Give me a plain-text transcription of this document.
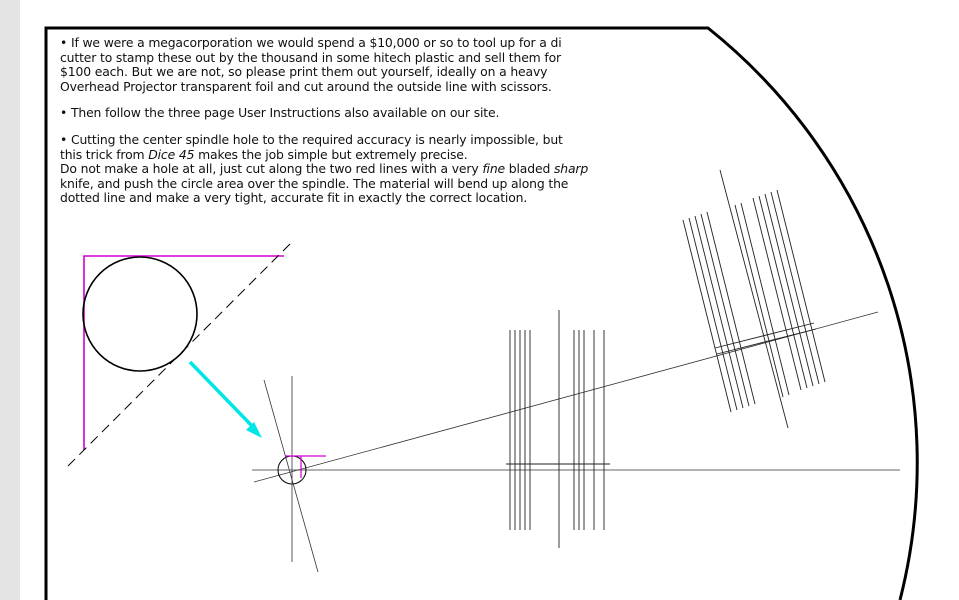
• If we were a megacorporation we would spend a $10,000 or so to tool up for a di
cutter to stamp these out by the thousand in some hitech plastic and sell them for
$100 each. But we are not, so please print them out yourself, ideally on a heavy
Overhead Projector transparent foil and cut around the outside line with scissors.

• Then follow the three page User Instructions also available on our site.

• Cutting the center spindle hole to the required accuracy is nearly impossible, but
this trick from Dice 45 makes the job simple but extremely precise.
Do not make a hole at all, just cut along the two red lines with a very fine bladed sharp
knife, and push the circle area over the spindle. The material will bend up along the
dotted line and make a very tight, accurate fit in exactly the correct location.
